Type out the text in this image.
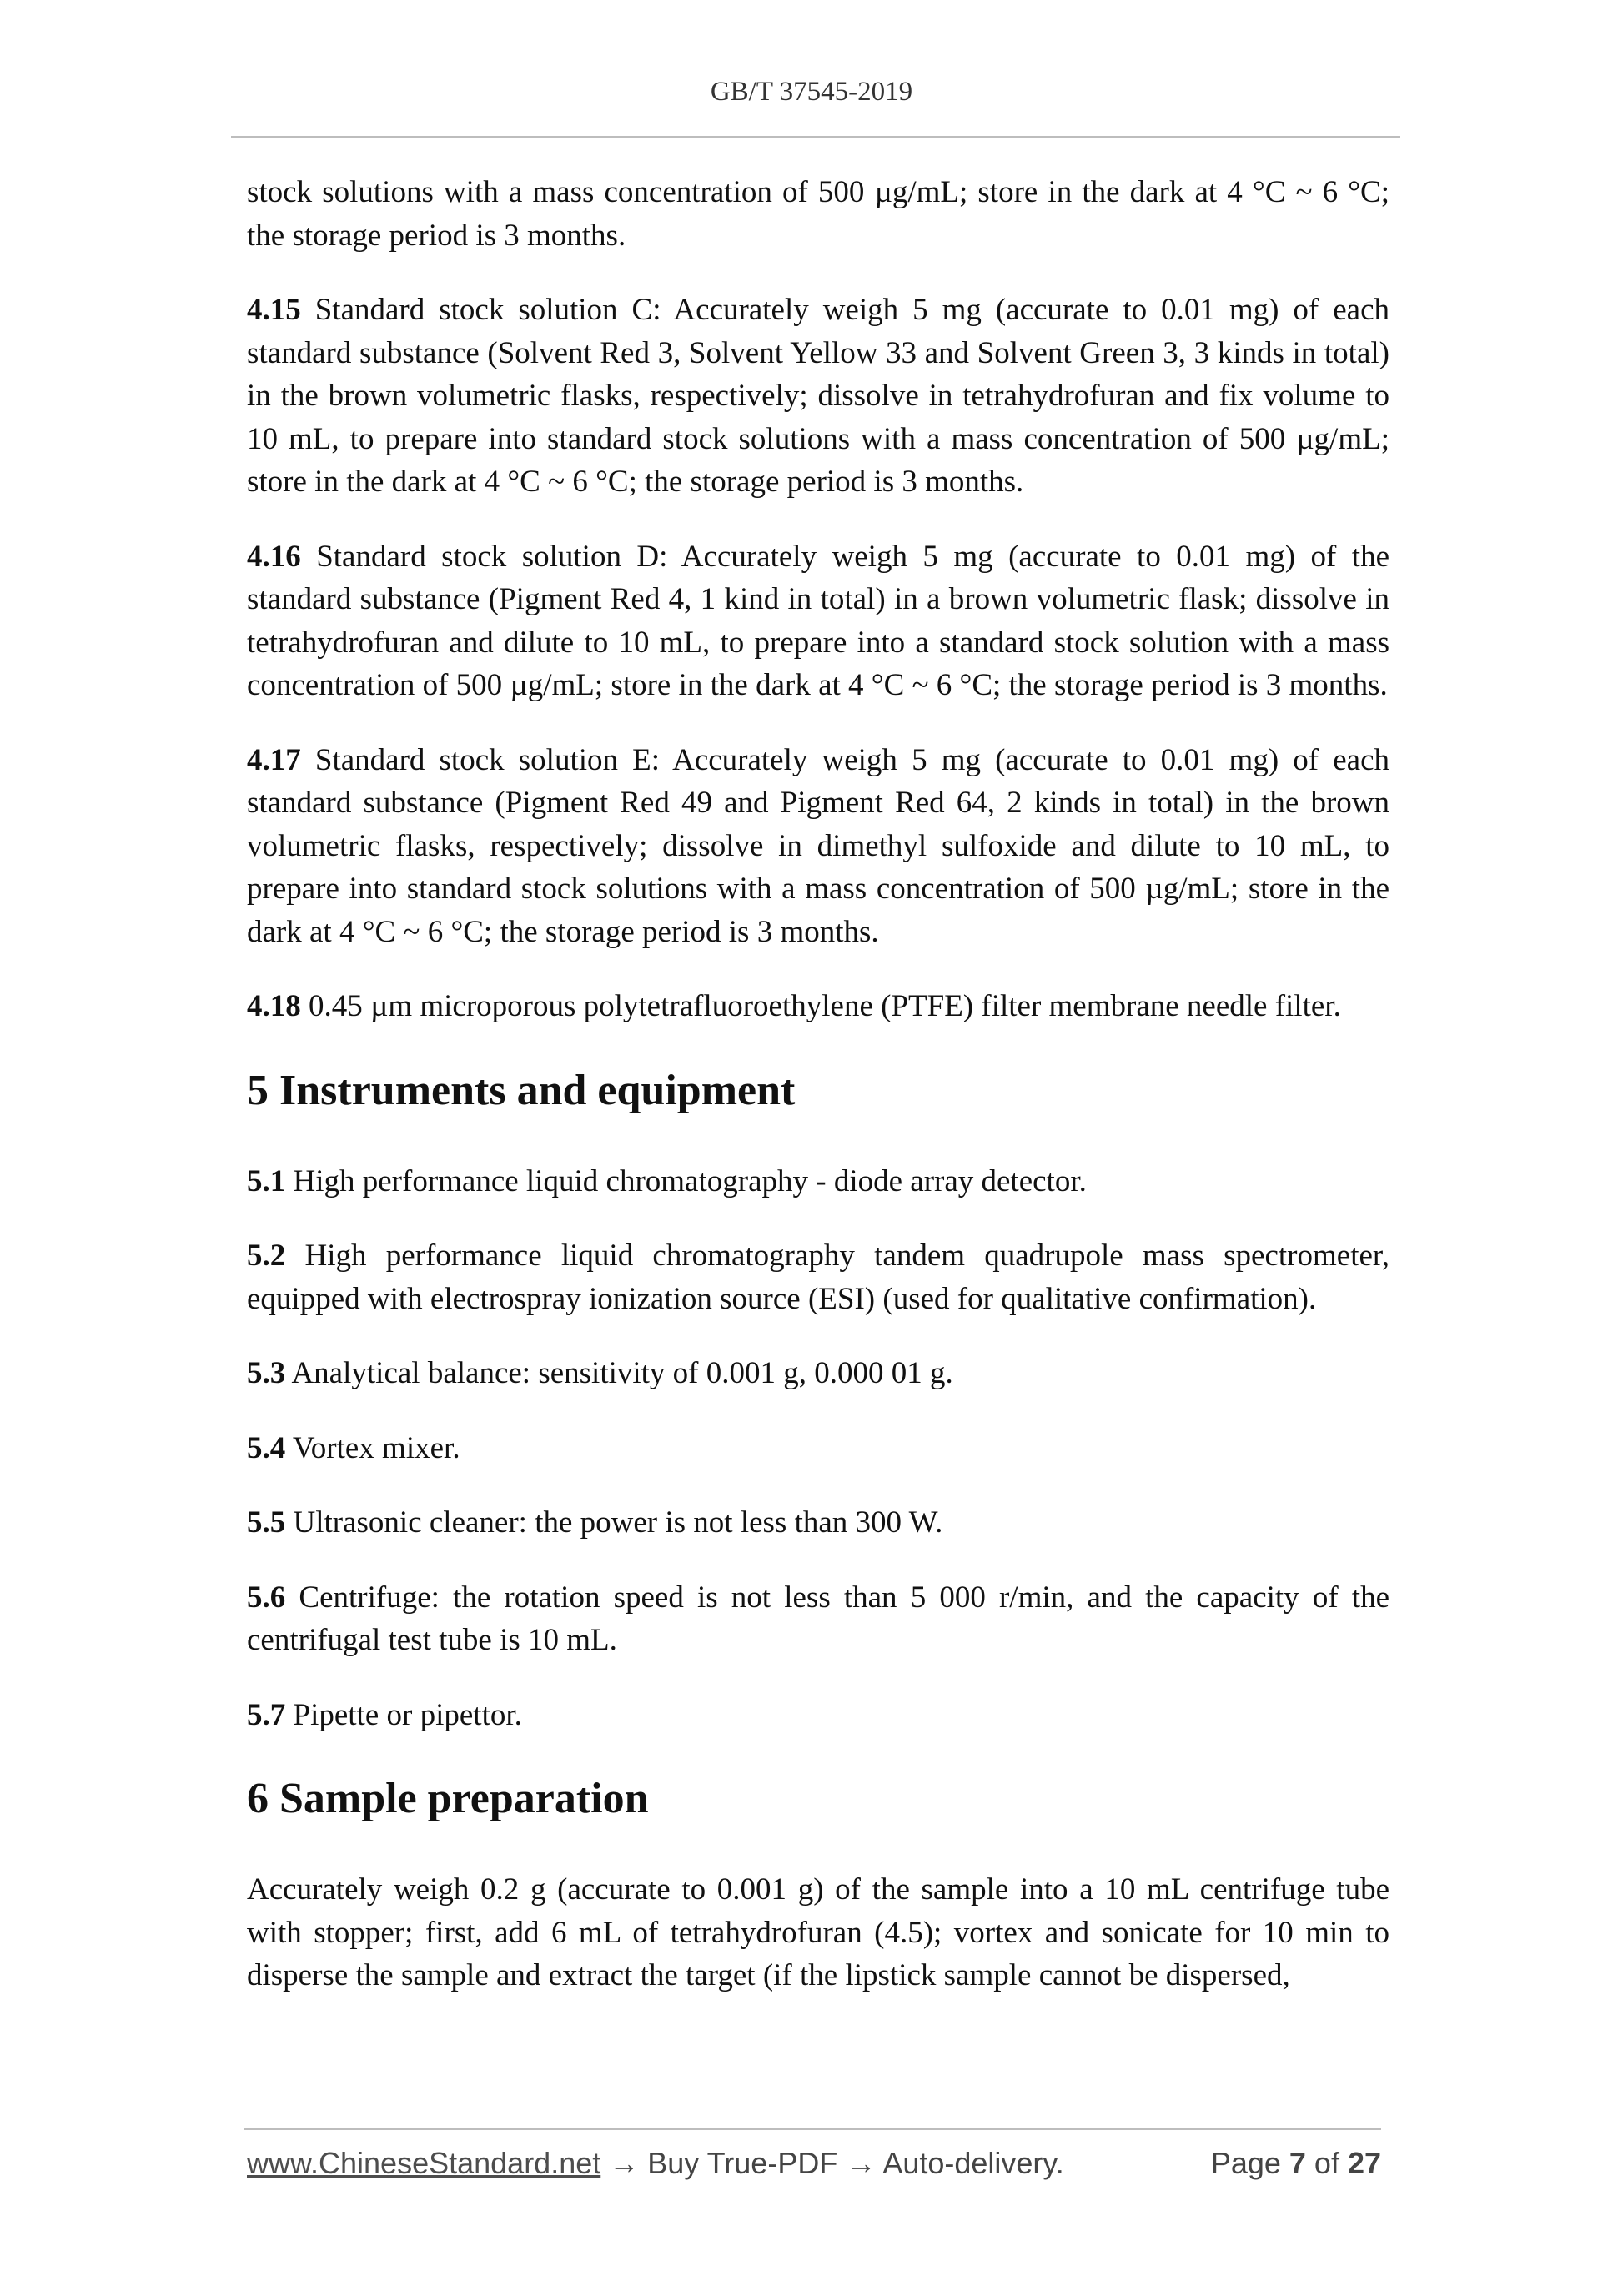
GB/T 37545-2019

stock solutions with a mass concentration of 500 µg/mL; store in the dark at 4 °C ~ 6 °C; the storage period is 3 months.

4.15 Standard stock solution C: Accurately weigh 5 mg (accurate to 0.01 mg) of each standard substance (Solvent Red 3, Solvent Yellow 33 and Solvent Green 3, 3 kinds in total) in the brown volumetric flasks, respectively; dissolve in tetrahydrofuran and fix volume to 10 mL, to prepare into standard stock solutions with a mass concentration of 500 µg/mL; store in the dark at 4 °C ~ 6 °C; the storage period is 3 months.

4.16 Standard stock solution D: Accurately weigh 5 mg (accurate to 0.01 mg) of the standard substance (Pigment Red 4, 1 kind in total) in a brown volumetric flask; dissolve in tetrahydrofuran and dilute to 10 mL, to prepare into a standard stock solution with a mass concentration of 500 µg/mL; store in the dark at 4 °C ~ 6 °C; the storage period is 3 months.

4.17 Standard stock solution E: Accurately weigh 5 mg (accurate to 0.01 mg) of each standard substance (Pigment Red 49 and Pigment Red 64, 2 kinds in total) in the brown volumetric flasks, respectively; dissolve in dimethyl sulfoxide and dilute to 10 mL, to prepare into standard stock solutions with a mass concentration of 500 µg/mL; store in the dark at 4 °C ~ 6 °C; the storage period is 3 months.

4.18 0.45 µm microporous polytetrafluoroethylene (PTFE) filter membrane needle filter.

5 Instruments and equipment

5.1 High performance liquid chromatography - diode array detector.

5.2 High performance liquid chromatography tandem quadrupole mass spectrometer, equipped with electrospray ionization source (ESI) (used for qualitative confirmation).

5.3 Analytical balance: sensitivity of 0.001 g, 0.000 01 g.

5.4 Vortex mixer.

5.5 Ultrasonic cleaner: the power is not less than 300 W.

5.6 Centrifuge: the rotation speed is not less than 5 000 r/min, and the capacity of the centrifugal test tube is 10 mL.

5.7 Pipette or pipettor.

6 Sample preparation

Accurately weigh 0.2 g (accurate to 0.001 g) of the sample into a 10 mL centrifuge tube with stopper; first, add 6 mL of tetrahydrofuran (4.5); vortex and sonicate for 10 min to disperse the sample and extract the target (if the lipstick sample cannot be dispersed,

www.ChineseStandard.net → Buy True-PDF → Auto-delivery.	Page 7 of 27
